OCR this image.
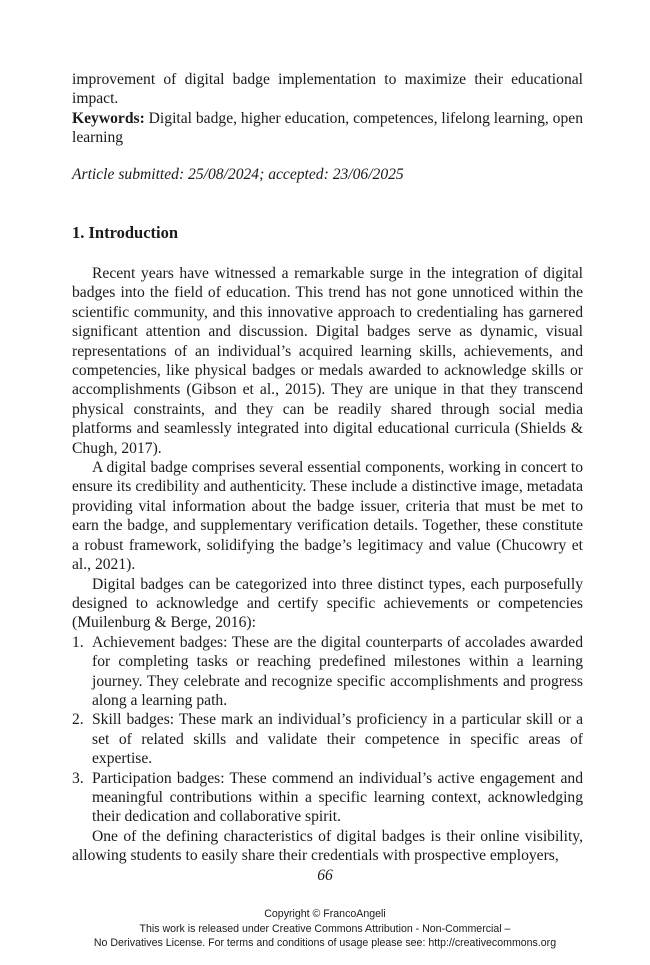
improvement of digital badge implementation to maximize their educational impact.
Keywords: Digital badge, higher education, competences, lifelong learning, open learning
Article submitted: 25/08/2024; accepted: 23/06/2025
1. Introduction

Recent years have witnessed a remarkable surge in the integration of digital badges into the field of education. This trend has not gone unnoticed within the scientific community, and this innovative approach to credentialing has garnered significant attention and discussion. Digital badges serve as dynamic, visual representations of an individual’s acquired learning skills, achievements, and competencies, like physical badges or medals awarded to acknowledge skills or accomplishments (Gibson et al., 2015). They are unique in that they transcend physical constraints, and they can be readily shared through social media platforms and seamlessly integrated into digital educational curricula (Shields & Chugh, 2017).

A digital badge comprises several essential components, working in concert to ensure its credibility and authenticity. These include a distinctive image, metadata providing vital information about the badge issuer, criteria that must be met to earn the badge, and supplementary verification details. Together, these constitute a robust framework, solidifying the badge’s legitimacy and value (Chucowry et al., 2021).

Digital badges can be categorized into three distinct types, each purposefully designed to acknowledge and certify specific achievements or competencies (Muilenburg & Berge, 2016):

1. Achievement badges: These are the digital counterparts of accolades awarded for completing tasks or reaching predefined milestones within a learning journey. They celebrate and recognize specific accomplishments and progress along a learning path.
2. Skill badges: These mark an individual’s proficiency in a particular skill or a set of related skills and validate their competence in specific areas of expertise.
3. Participation badges: These commend an individual’s active engagement and meaningful contributions within a specific learning context, acknowledging their dedication and collaborative spirit.

One of the defining characteristics of digital badges is their online visibility, allowing students to easily share their credentials with prospective employers,

66
Copyright © FrancoAngeli
This work is released under Creative Commons Attribution - Non-Commercial –
No Derivatives License. For terms and conditions of usage please see: http://creativecommons.org
